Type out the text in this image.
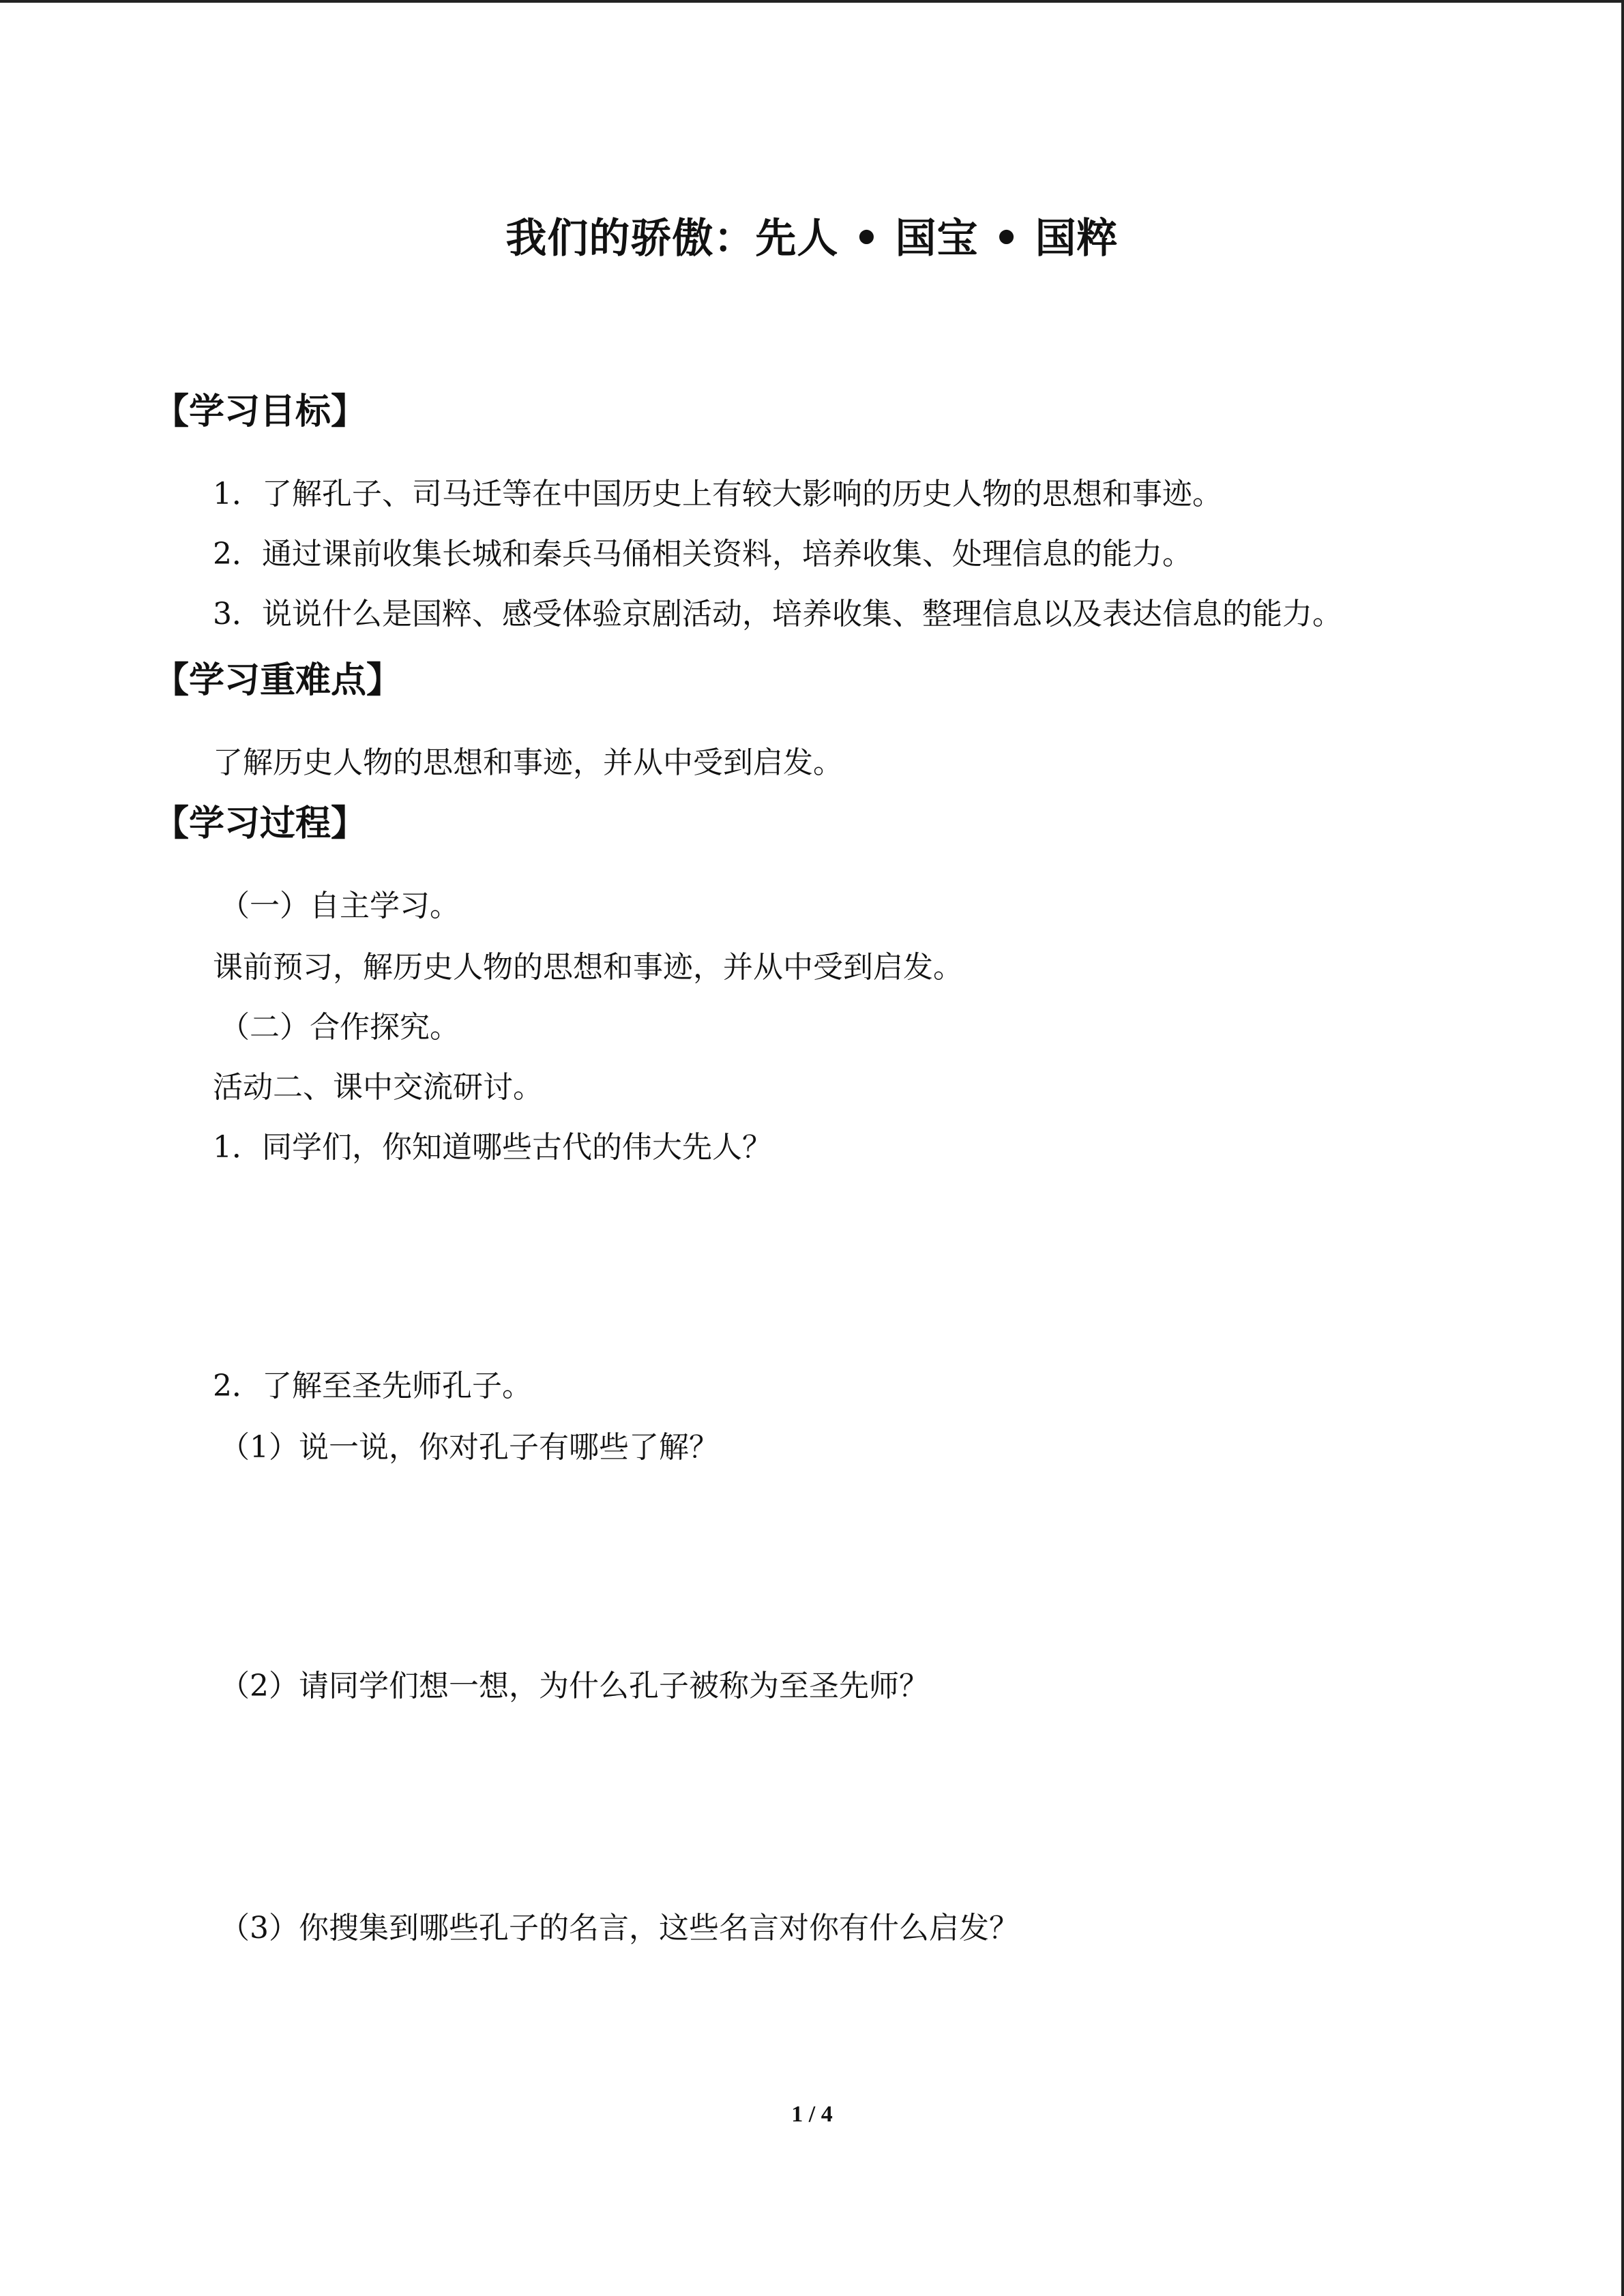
我们的骄傲：先人 • 国宝 • 国粹
【学习目标】
1．了解孔子、司马迁等在中国历史上有较大影响的历史人物的思想和事迹。
2．通过课前收集长城和秦兵马俑相关资料，培养收集、处理信息的能力。
3．说说什么是国粹、感受体验京剧活动，培养收集、整理信息以及表达信息的能力。
【学习重难点】
了解历史人物的思想和事迹，并从中受到启发。
【学习过程】
（一）自主学习。
课前预习，解历史人物的思想和事迹，并从中受到启发。
（二）合作探究。
活动二、课中交流研讨。
1．同学们，你知道哪些古代的伟大先人？
2．了解至圣先师孔子。
（1）说一说，你对孔子有哪些了解？
（2）请同学们想一想，为什么孔子被称为至圣先师？
（3）你搜集到哪些孔子的名言，这些名言对你有什么启发？
1 / 4
